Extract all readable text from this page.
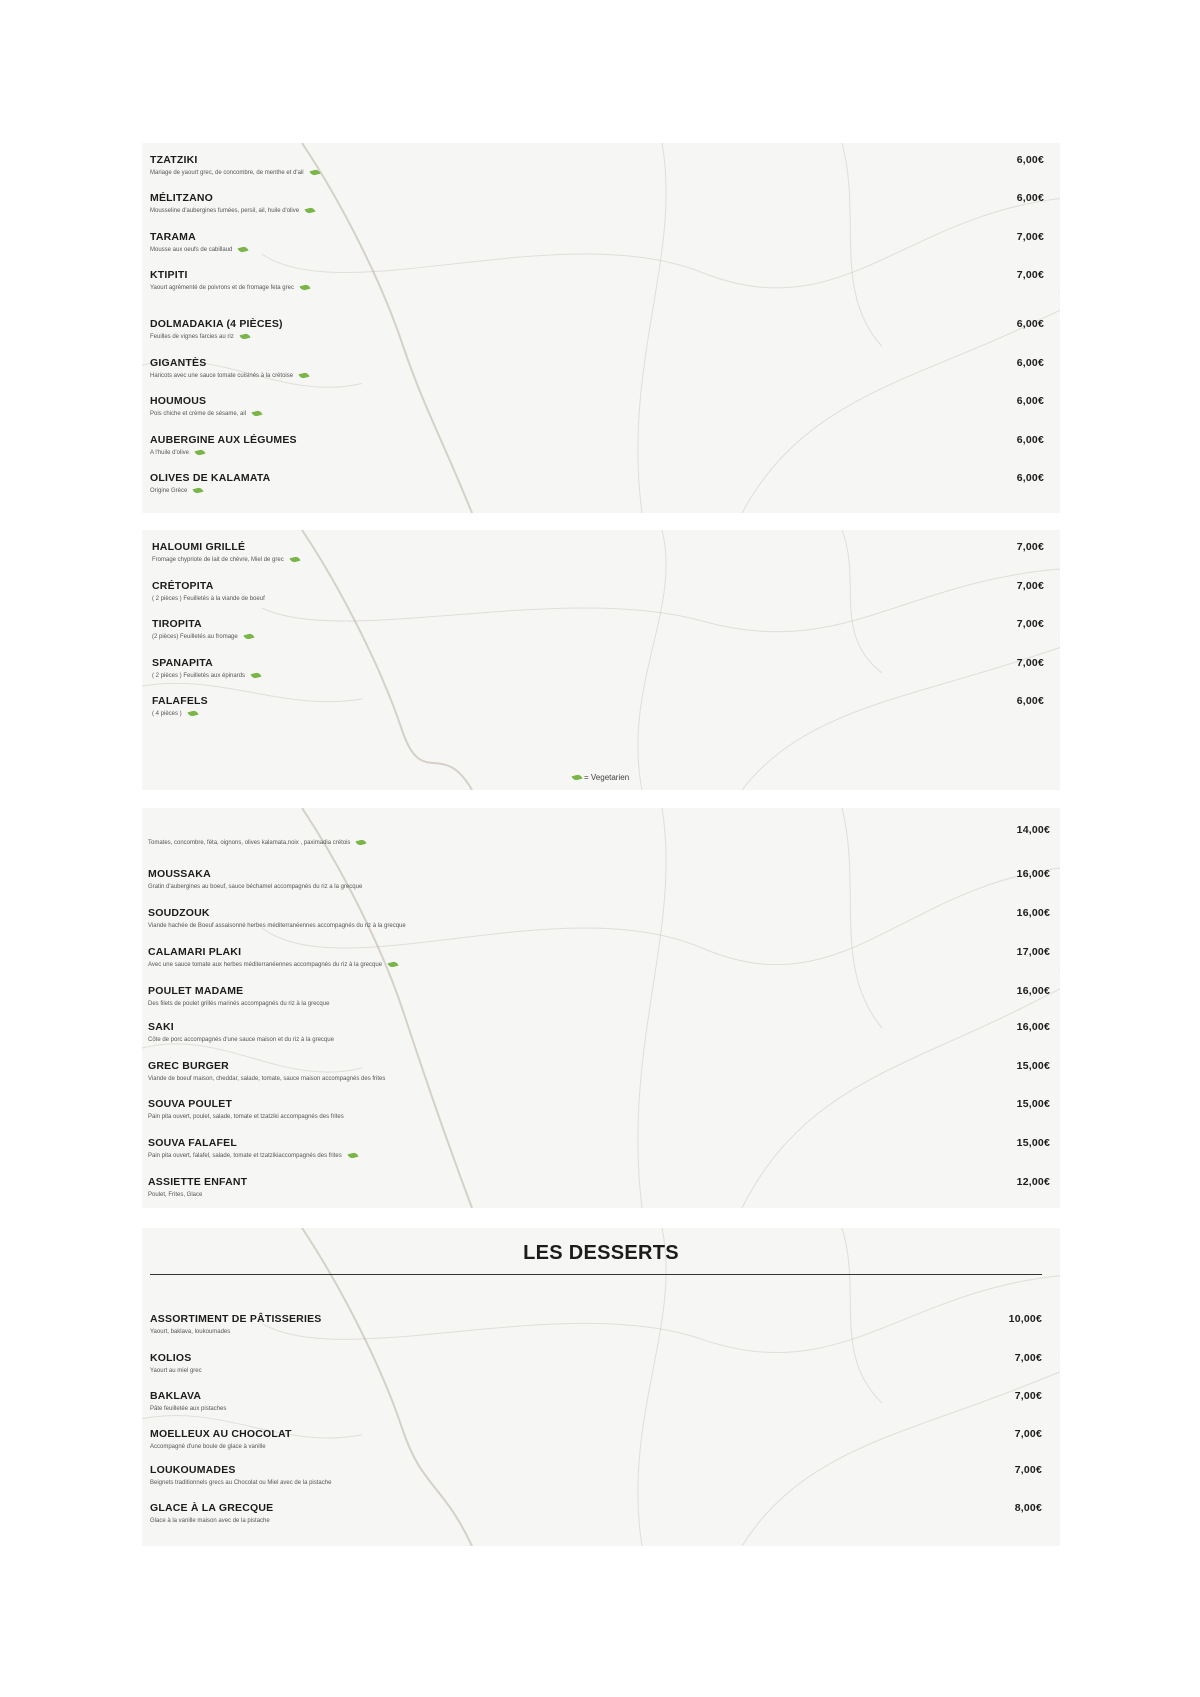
TZATZIKI
Mariage de yaourt grec, de concombre, de menthe et d'ail
6,00€
MÉLITZANO
Mousseline d'aubergines fumées, persil, ail, huile d'olive
6,00€
TARAMA
Mousse aux oeufs de cabillaud
7,00€
KTIPITI
Yaourt agrémenté de poivrons et de fromage feta grec
7,00€
DOLMADAKIA (4 PIÈCES)
Feuilles de vignes farcies au riz
6,00€
GIGANTÈS
Haricots avec une sauce tomate cuisinés à la crétoise
6,00€
HOUMOUS
Pois chiche et crème de sésame, ail
6,00€
AUBERGINE AUX LÉGUMES
A l'huile d'olive
6,00€
OLIVES DE KALAMATA
Origine Grèce
6,00€
HALOUMI GRILLÉ
Fromage chypriote de lait de chèvre, Miel de grec
7,00€
CRÉTOPITA
( 2 pièces ) Feuilletés à la viande de boeuf
7,00€
TIROPITA
(2 pièces) Feuilletés au fromage
7,00€
SPANAPITA
( 2 pièces ) Feuilletés aux épinards
7,00€
FALAFELS
( 4 pièces )
6,00€
= Vegetarien
Tomates, concombre, féta, oignons, olives kalamata,noix , paximadia crétois
14,00€
MOUSSAKA
Gratin d'aubergines au boeuf, sauce béchamel accompagnés du riz a la grecque
16,00€
SOUDZOUK
Viande hachée de Boeuf assaisonné herbes méditerranéennes accompagnés du riz à la grecque
16,00€
CALAMARI PLAKI
Avec une sauce tomate aux herbes méditerranéennes accompagnés du riz à la grecque
17,00€
POULET MADAME
Des filets de poulet grillés marinés accompagnés du riz à la grecque
16,00€
SAKI
Côte de porc accompagnés d'une sauce maison et du riz à la grecque
16,00€
GREC BURGER
Viande de boeuf maison, cheddar, salade, tomate, sauce maison accompagnés des frites
15,00€
SOUVA POULET
Pain pita ouvert, poulet, salade, tomate et tzatziki accompagnés des frites
15,00€
SOUVA FALAFEL
Pain pita ouvert, falafel, salade, tomate et tzatzikiaccompagnés des frites
15,00€
ASSIETTE ENFANT
Poulet, Frites, Glace
12,00€
LES DESSERTS
ASSORTIMENT DE PÂTISSERIES
Yaourt, baklava, loukoumades
10,00€
KOLIOS
Yaourt au miel grec
7,00€
BAKLAVA
Pâte feuilletée aux pistaches
7,00€
MOELLEUX AU CHOCOLAT
Accompagné d'une boule de glace à vanille
7,00€
LOUKOUMADES
Beignets traditionnels grecs au Chocolat ou Miel avec de la pistache
7,00€
GLACE À LA GRECQUE
Glace à la vanille maison avec de la pistache
8,00€
